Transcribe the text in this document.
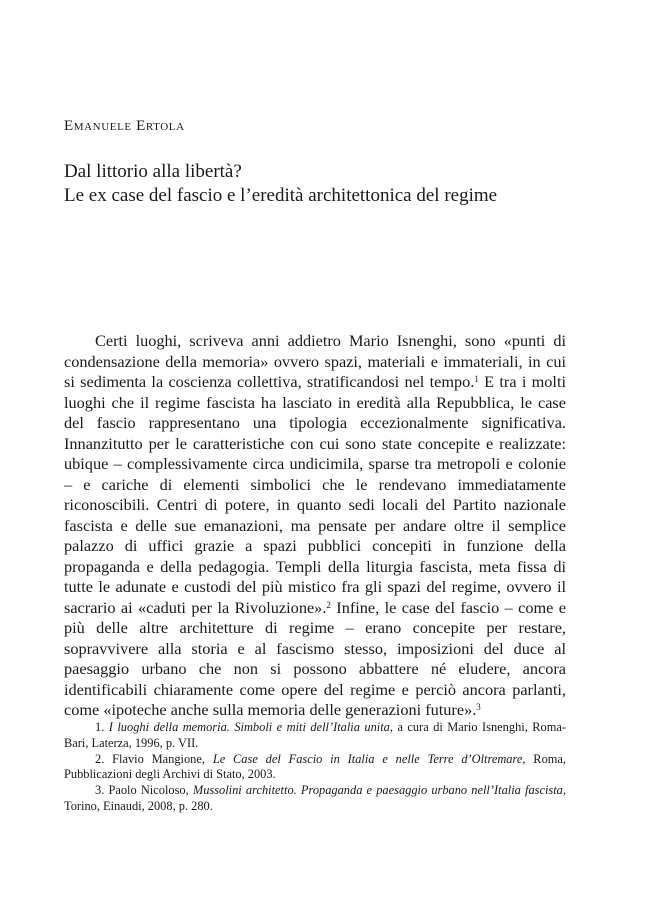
Emanuele Ertola
Dal littorio alla libertà?
Le ex case del fascio e l’eredità architettonica del regime

Certi luoghi, scriveva anni addietro Mario Isnenghi, sono «punti di condensazione della memoria» ovvero spazi, materiali e immateriali, in cui si sedimenta la coscienza collettiva, stratificandosi nel tempo.$^1$ E tra i molti luoghi che il regime fascista ha lasciato in eredità alla Repubblica, le case del fascio rappresentano una tipologia eccezionalmente significativa. Innanzitutto per le caratteristiche con cui sono state concepite e realizzate: ubique – complessivamente circa undicimila, sparse tra metropoli e colonie – e cariche di elementi simbolici che le rendevano immediatamente riconoscibili. Centri di potere, in quanto sedi locali del Partito nazionale fascista e delle sue emanazioni, ma pensate per andare oltre il semplice palazzo di uffici grazie a spazi pubblici concepiti in funzione della propaganda e della pedagogia. Templi della liturgia fascista, meta fissa di tutte le adunate e custodi del più mistico fra gli spazi del regime, ovvero il sacrario ai «caduti per la Rivoluzione».$^2$ Infine, le case del fascio – come e più delle altre architetture di regime – erano concepite per restare, sopravvivere alla storia e al fascismo stesso, imposizioni del duce al paesaggio urbano che non si possono abbattere né eludere, ancora identificabili chiaramente come opere del regime e perciò ancora parlanti, come «ipoteche anche sulla memoria delle generazioni future».$^3$

1. I luoghi della memoria. Simboli e miti dell’Italia unita, a cura di Mario Isnenghi, Roma-Bari, Laterza, 1996, p. VII.

2. Flavio Mangione, Le Case del Fascio in Italia e nelle Terre d’Oltremare, Roma, Pubblicazioni degli Archivi di Stato, 2003.

3. Paolo Nicoloso, Mussolini architetto. Propaganda e paesaggio urbano nell’Italia fascista, Torino, Einaudi, 2008, p. 280.
